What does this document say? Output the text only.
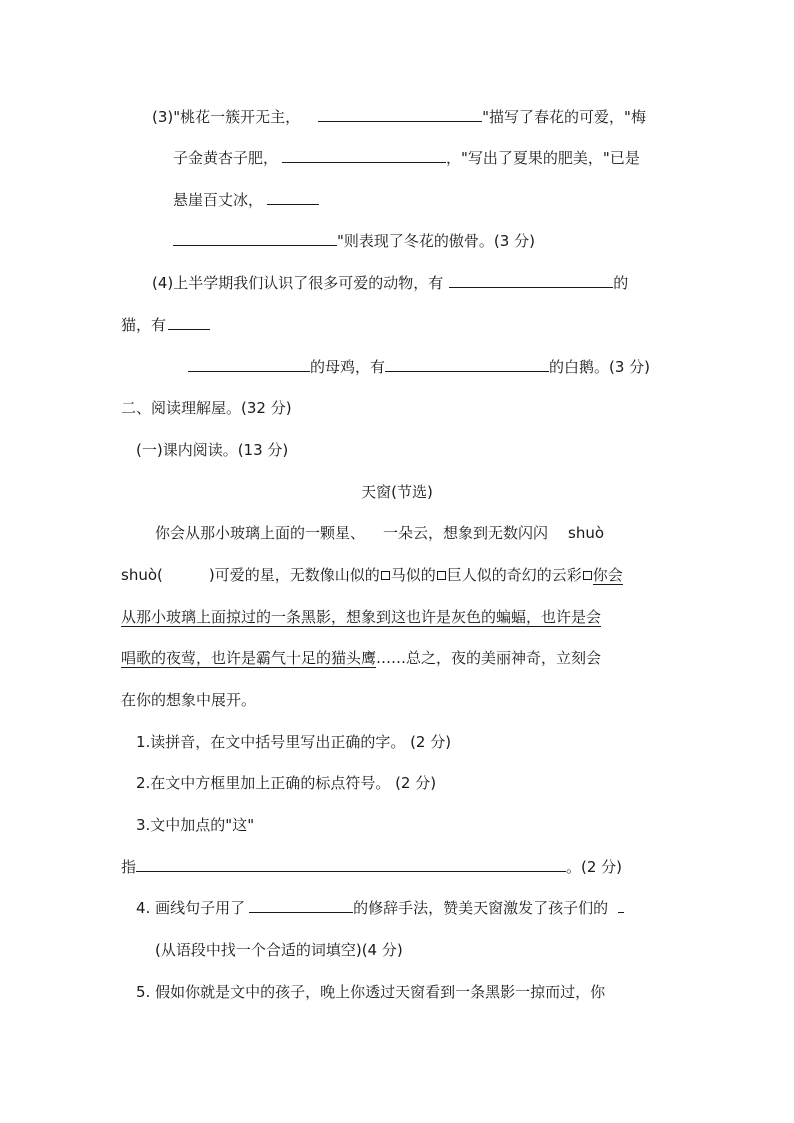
(3)"桃花一簇开无主，	"描写了春花的可爱，"梅
子金黄杏子肥，	，"写出了夏果的肥美，"已是
悬崖百丈冰，
"则表现了冬花的傲骨。(3 分)
(4)上半学期我们认识了很多可爱的动物，有	的
猫，有
的母鸡，有	的白鹅。(3 分)
二、阅读理解屋。(32 分)
(一)课内阅读。(13 分)
天窗(节选)
你会从那小玻璃上面的一颗星、 一朵云，想象到无数闪闪 shuò
shuò(	)可爱的星，无数像山似的 马似的 巨人似的奇幻的云彩 你会
从那小玻璃上面掠过的一条黑影，想象到这也许是灰色的蝙蝠，也许是会
唱歌的夜莺，也许是霸气十足的猫头鹰……总之，夜的美丽神奇，立刻会
在你的想象中展开。
1.读拼音，在文中括号里写出正确的字。 (2 分)
2.在文中方框里加上正确的标点符号。 (2 分)
3.文中加点的"这"
指	。(2 分)
4. 画线句子用了	的修辞手法，赞美天窗激发了孩子们的
(从语段中找一个合适的词填空)(4 分)
5. 假如你就是文中的孩子，晚上你透过天窗看到一条黑影一掠而过，你
